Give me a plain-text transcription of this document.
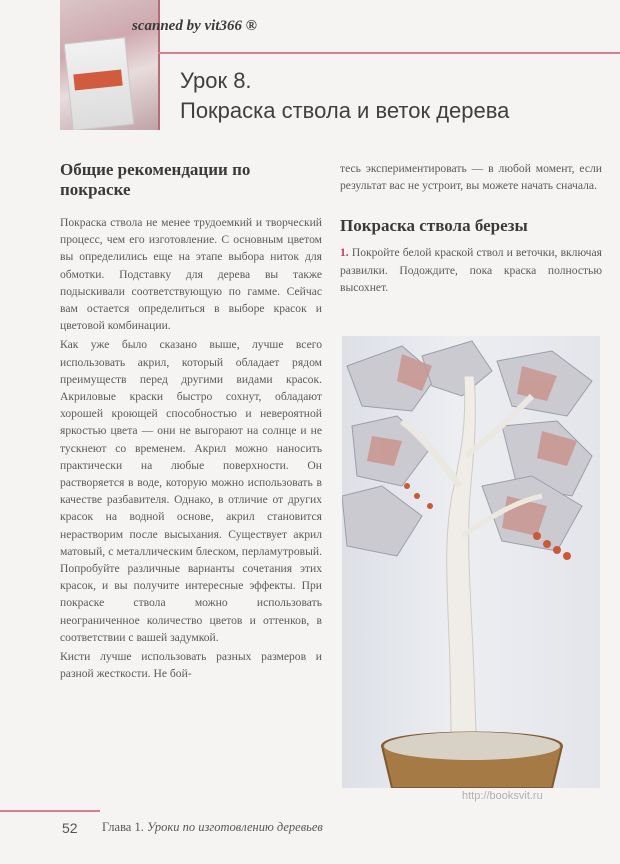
scanned by vit366 ®
Урок 8.
Покраска ствола и веток дерева
Общие рекомендации по покраске

Покраска ствола не менее трудоемкий и творческий процесс, чем его изготовление. С основным цветом вы определились еще на этапе выбора ниток для обмотки. Подставку для дерева вы также подыскивали соответствующую по гамме. Сейчас вам остается определиться в выборе красок и цветовой комбинации.

Как уже было сказано выше, лучше всего использовать акрил, который обладает рядом преимуществ перед другими видами красок. Акриловые краски быстро сохнут, обладают хорошей кроющей способностью и невероятной яркостью цвета — они не выгорают на солнце и не тускнеют со временем. Акрил можно наносить практически на любые поверхности. Он растворяется в воде, которую можно использовать в качестве разбавителя. Однако, в отличие от других красок на водной основе, акрил становится нерастворим после высыхания. Существует акрил матовый, с металлическим блеском, перламутровый. Попробуйте различные варианты сочетания этих красок, и вы получите интересные эффекты. При покраске ствола можно использовать неограниченное количество цветов и оттенков, в соответствии с вашей задумкой.

Кисти лучше использовать разных размеров и разной жесткости. Не бой-

тесь экспериментировать — в любой момент, если результат вас не устроит, вы можете начать сначала.

Покраска ствола березы

1. Покройте белой краской ствол и веточки, включая развилки. Подождите, пока краска полностью высохнет.

http://booksvit.ru
52 Глава 1. Уроки по изготовлению деревьев
